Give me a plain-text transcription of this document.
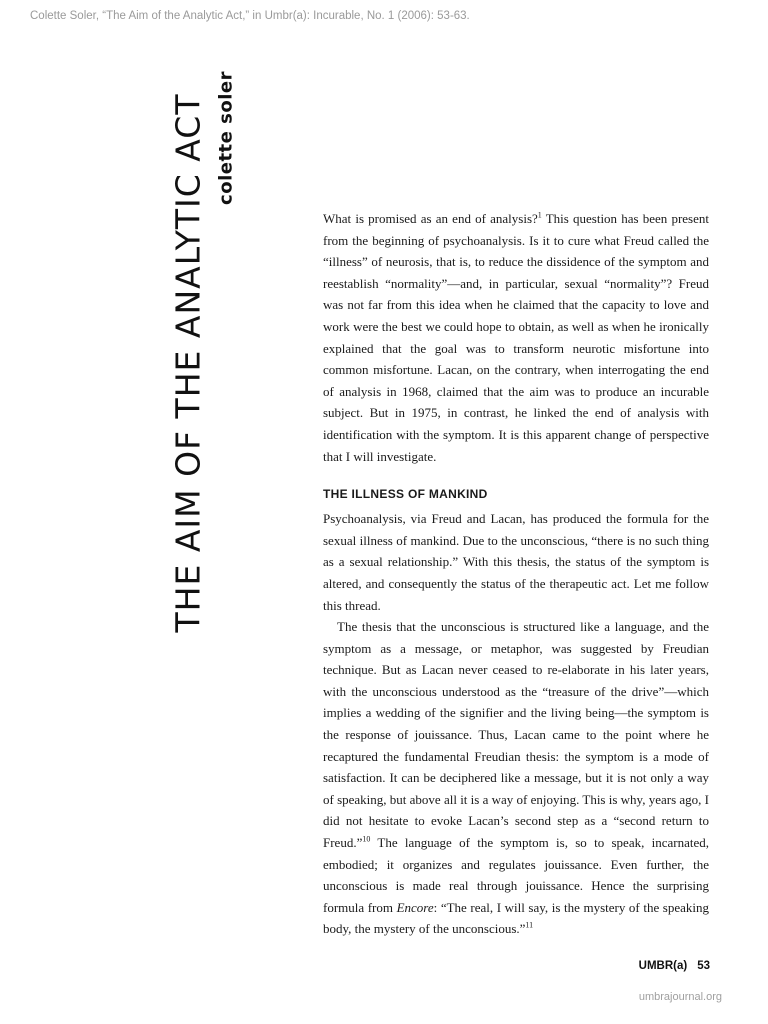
Colette Soler, “The Aim of the Analytic Act,” in Umbr(a): Incurable, No. 1 (2006): 53-63.
THE AIM OF THE ANALYTIC ACT colette soler

What is promised as an end of analysis?$^1$ This question has been present from the beginning of psychoanalysis. Is it to cure what Freud called the “illness” of neurosis, that is, to reduce the dissidence of the symptom and reestablish “normality”—and, in particular, sexual “normality”? Freud was not far from this idea when he claimed that the capacity to love and work were the best we could hope to obtain, as well as when he ironically explained that the goal was to transform neurotic misfortune into common misfortune. Lacan, on the contrary, when interrogating the end of analysis in 1968, claimed that the aim was to produce an incurable subject. But in 1975, in contrast, he linked the end of analysis with identification with the symptom. It is this apparent change of perspective that I will investigate.

THE ILLNESS OF MANKIND

Psychoanalysis, via Freud and Lacan, has produced the formula for the sexual illness of mankind. Due to the unconscious, “there is no such thing as a sexual relationship.” With this thesis, the status of the symptom is altered, and consequently the status of the therapeutic act. Let me follow this thread.

The thesis that the unconscious is structured like a language, and the symptom as a message, or metaphor, was suggested by Freudian technique. But as Lacan never ceased to re-elaborate in his later years, with the unconscious understood as the “treasure of the drive”—which implies a wedding of the signifier and the living being—the symptom is the response of jouissance. Thus, Lacan came to the point where he recaptured the fundamental Freudian thesis: the symptom is a mode of satisfaction. It can be deciphered like a message, but it is not only a way of speaking, but above all it is a way of enjoying. This is why, years ago, I did not hesitate to evoke Lacan’s second step as a “second return to Freud.”$^{10}$ The language of the symptom is, so to speak, incarnated, embodied; it organizes and regulates jouissance. Even further, the unconscious is made real through jouissance. Hence the surprising formula from Encore: “The real, I will say, is the mystery of the speaking body, the mystery of the unconscious.”$^{11}$

UMBR(a) 53
umbrajournal.org
